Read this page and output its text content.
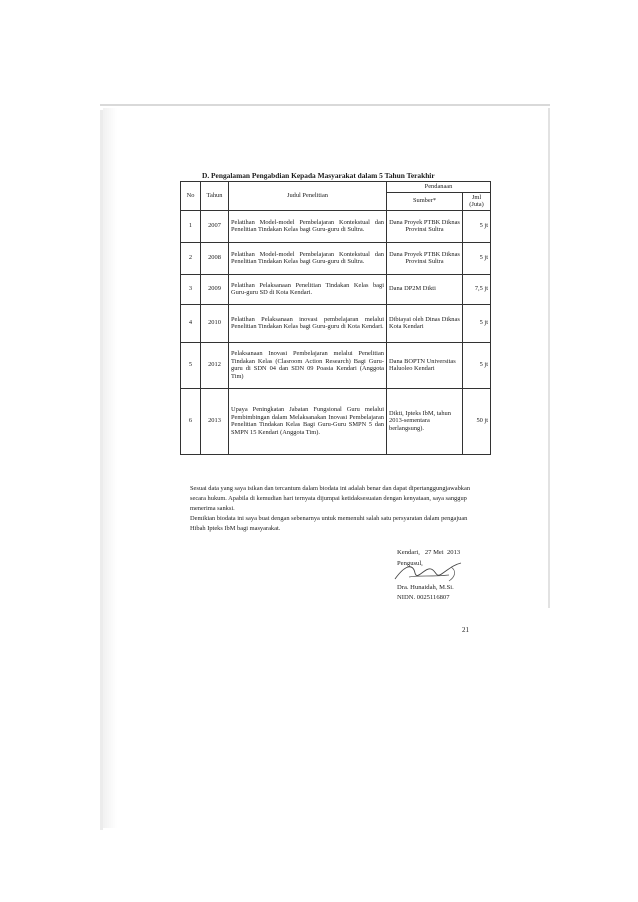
D. Pengalaman Pengabdian Kepada Masyarakat dalam 5 Tahun Terakhir
No	Tahun	Judul Penelitian	Pendanaan	
			Sumber*	Jml (Juta)
1	2007	Pelatihan Model-model Pembelajaran Kontekstual dan Penelitian Tindakan Kelas bagi Guru-guru di Sultra.	Dana Proyek PTBK Diknas Provinsi Sultra	5 jt
2	2008	Pelatihan Model-model Pembelajaran Kontekstual dan Penelitian Tindakan Kelas bagi Guru-guru di Sultra.	Dana Proyek PTBK Diknas Provinsi Sultra	5 jt
3	2009	Pelatihan Pelaksanaan Penelitian Tindakan Kelas bagi Guru-guru SD di Kota Kendari.	Dana DP2M Dikti	7,5 jt
4	2010	Pelatihan Pelaksanaan inovasi pembelajaran melalui Penelitian Tindakan Kelas bagi Guru-guru di Kota Kendari.	Dibiayai oleh Dinas Diknas Kota Kendari	5 jt
5	2012	Pelaksanaan Inovasi Pembelajaran melalui Penelitian Tindakan Kelas (Clasroom Action Research) Bagi Guru-guru di SDN 04 dan SDN 09 Poasia Kendari (Anggota Tim)	Dana BOPTN Universitas Haluoleo Kendari	5 jt
6	2013	Upaya Peningkatan Jabatan Fungsional Guru melalui Pembimbingan dalam Melaksanakan Inovasi Pembelajaran Penelitian Tindakan Kelas Bagi Guru-Guru SMPN 5 dan SMPN 15 Kendari (Anggota Tim).	Dikti, Ipteks IbM, tahun 2013-sementara berlangsung).	50 jt

Sesuai data yang saya isikan dan tercantum dalam biodata ini adalah benar dan dapat dipertanggungjawabkan secara hukum. Apabila di kemudian hari ternyata dijumpai ketidaksesuaian dengan kenyataan, saya sanggup menerima sanksi.

Demikian biodata ini saya buat dengan sebenarnya untuk memenuhi salah satu persyaratan dalam pengajuan Hibah Ipteks IbM bagi masyarakat.

Kendari,   27 Mei  2013
Pengusul,
Dra. Hunaidah, M.Si.
NIDN. 0025116807
21
